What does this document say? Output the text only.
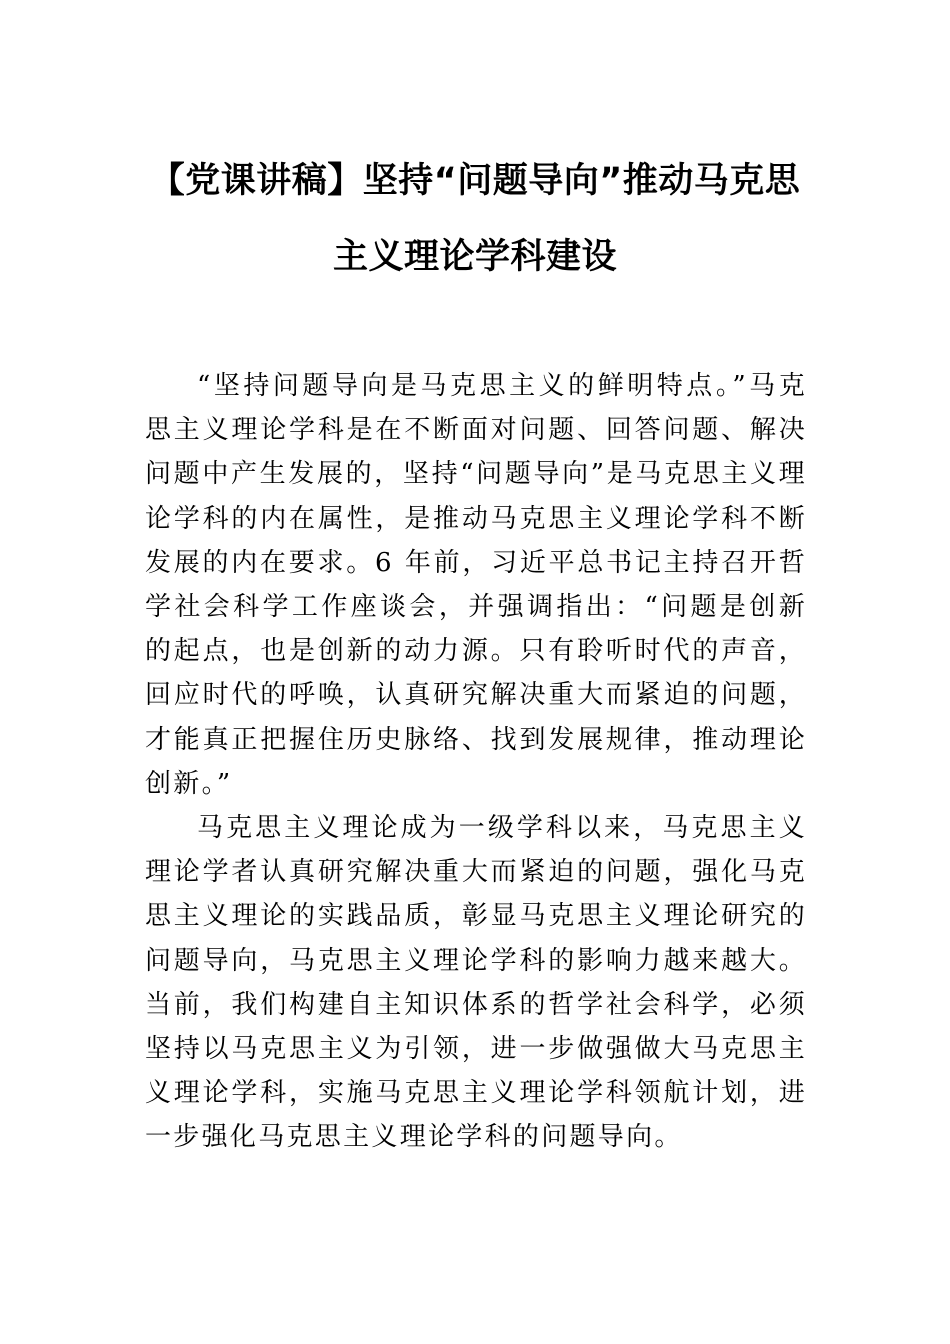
【党课讲稿】坚持“问题导向”推动马克思
主义理论学科建设

“坚持问题导向是马克思主义的鲜明特点。”马克思主义理论学科是在不断面对问题、回答问题、解决问题中产生发展的，坚持“问题导向”是马克思主义理论学科的内在属性，是推动马克思主义理论学科不断发展的内在要求。6 年前，习近平总书记主持召开哲学社会科学工作座谈会，并强调指出：“问题是创新的起点，也是创新的动力源。只有聆听时代的声音，回应时代的呼唤，认真研究解决重大而紧迫的问题，才能真正把握住历史脉络、找到发展规律，推动理论创新。”

马克思主义理论成为一级学科以来，马克思主义理论学者认真研究解决重大而紧迫的问题，强化马克思主义理论的实践品质，彰显马克思主义理论研究的问题导向，马克思主义理论学科的影响力越来越大。当前，我们构建自主知识体系的哲学社会科学，必须坚持以马克思主义为引领，进一步做强做大马克思主义理论学科，实施马克思主义理论学科领航计划，进一步强化马克思主义理论学科的问题导向。
